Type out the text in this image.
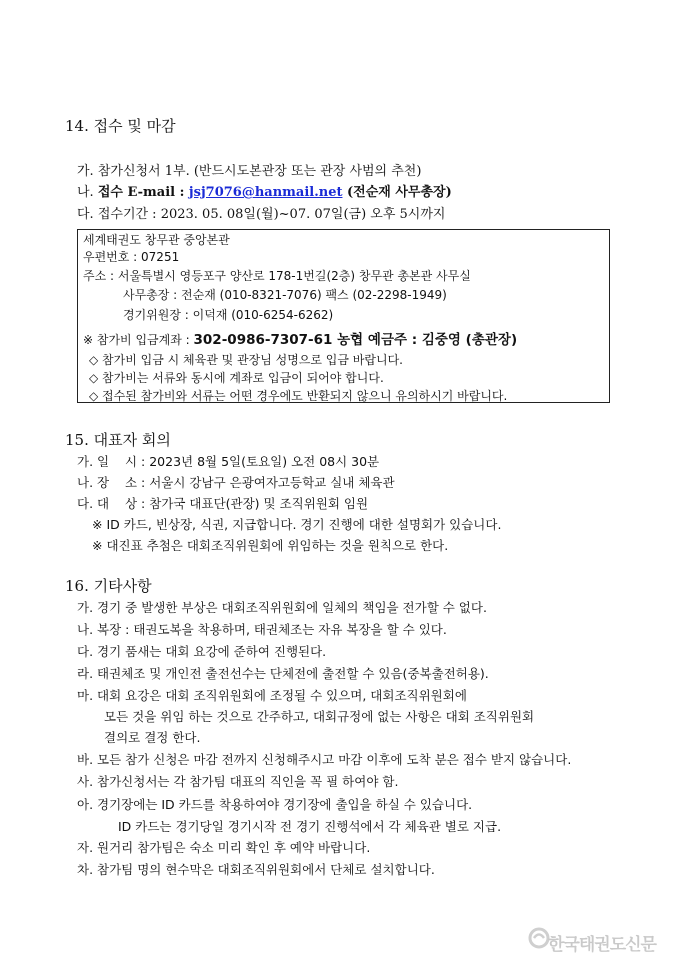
14. 접수 및 마감
가. 참가신청서 1부. (반드시도본관장 또는 관장 사범의 추천)
나. 접수 E-mail : jsj7076@hanmail.net (전순재 사무총장)
다. 접수기간 : 2023. 05. 08일(월)~07. 07일(금) 오후 5시까지
세계태권도 창무관 중앙본관
우편번호 : 07251
주소 : 서울특별시 영등포구 양산로 178-1번길(2층) 창무관 총본관 사무실
사무총장 : 전순재 (010-8321-7076) 팩스 (02-2298-1949)
경기위원장 : 이덕재 (010-6254-6262)
※ 참가비 입금계좌 : 302-0986-7307-61 농협 예금주 : 김중영 (총관장)
◇ 참가비 입금 시 체육관 및 관장님 성명으로 입금 바랍니다.
◇ 참가비는 서류와 동시에 계좌로 입금이 되어야 합니다.
◇ 접수된 참가비와 서류는 어떤 경우에도 반환되지 않으니 유의하시기 바랍니다.
15. 대표자 회의
가. 일    시 : 2023년 8월 5일(토요일) 오전 08시 30분
나. 장    소 : 서울시 강남구 은광여자고등학교 실내 체육관
다. 대    상 : 참가국 대표단(관장) 및 조직위원회 임원
※ ID 카드, 빈상장, 식권, 지급합니다. 경기 진행에 대한 설명회가 있습니다.
※ 대진표 추첨은 대회조직위원회에 위임하는 것을 원칙으로 한다.
16. 기타사항
가. 경기 중 발생한 부상은 대회조직위원회에 일체의 책임을 전가할 수 없다.
나. 복장 : 태권도복을 착용하며, 태권체조는 자유 복장을 할 수 있다.
다. 경기 품새는 대회 요강에 준하여 진행된다.
라. 태권체조 및 개인전 출전선수는 단체전에 출전할 수 있음(중복출전허용).
마. 대회 요강은 대회 조직위원회에 조정될 수 있으며, 대회조직위원회에
모든 것을 위임 하는 것으로 간주하고, 대회규정에 없는 사항은 대회 조직위원회
결의로 결정 한다.
바. 모든 참가 신청은 마감 전까지 신청해주시고 마감 이후에 도착 분은 접수 받지 않습니다.
사. 참가신청서는 각 참가팀 대표의 직인을 꼭 필 하여야 함.
아. 경기장에는 ID 카드를 착용하여야 경기장에 출입을 하실 수 있습니다.
ID 카드는 경기당일 경기시작 전 경기 진행석에서 각 체육관 별로 지급.
자. 원거리 참가팀은 숙소 미리 확인 후 예약 바랍니다.
차. 참가팀 명의 현수막은 대회조직위원회에서 단체로 설치합니다.
한국태권도신문
